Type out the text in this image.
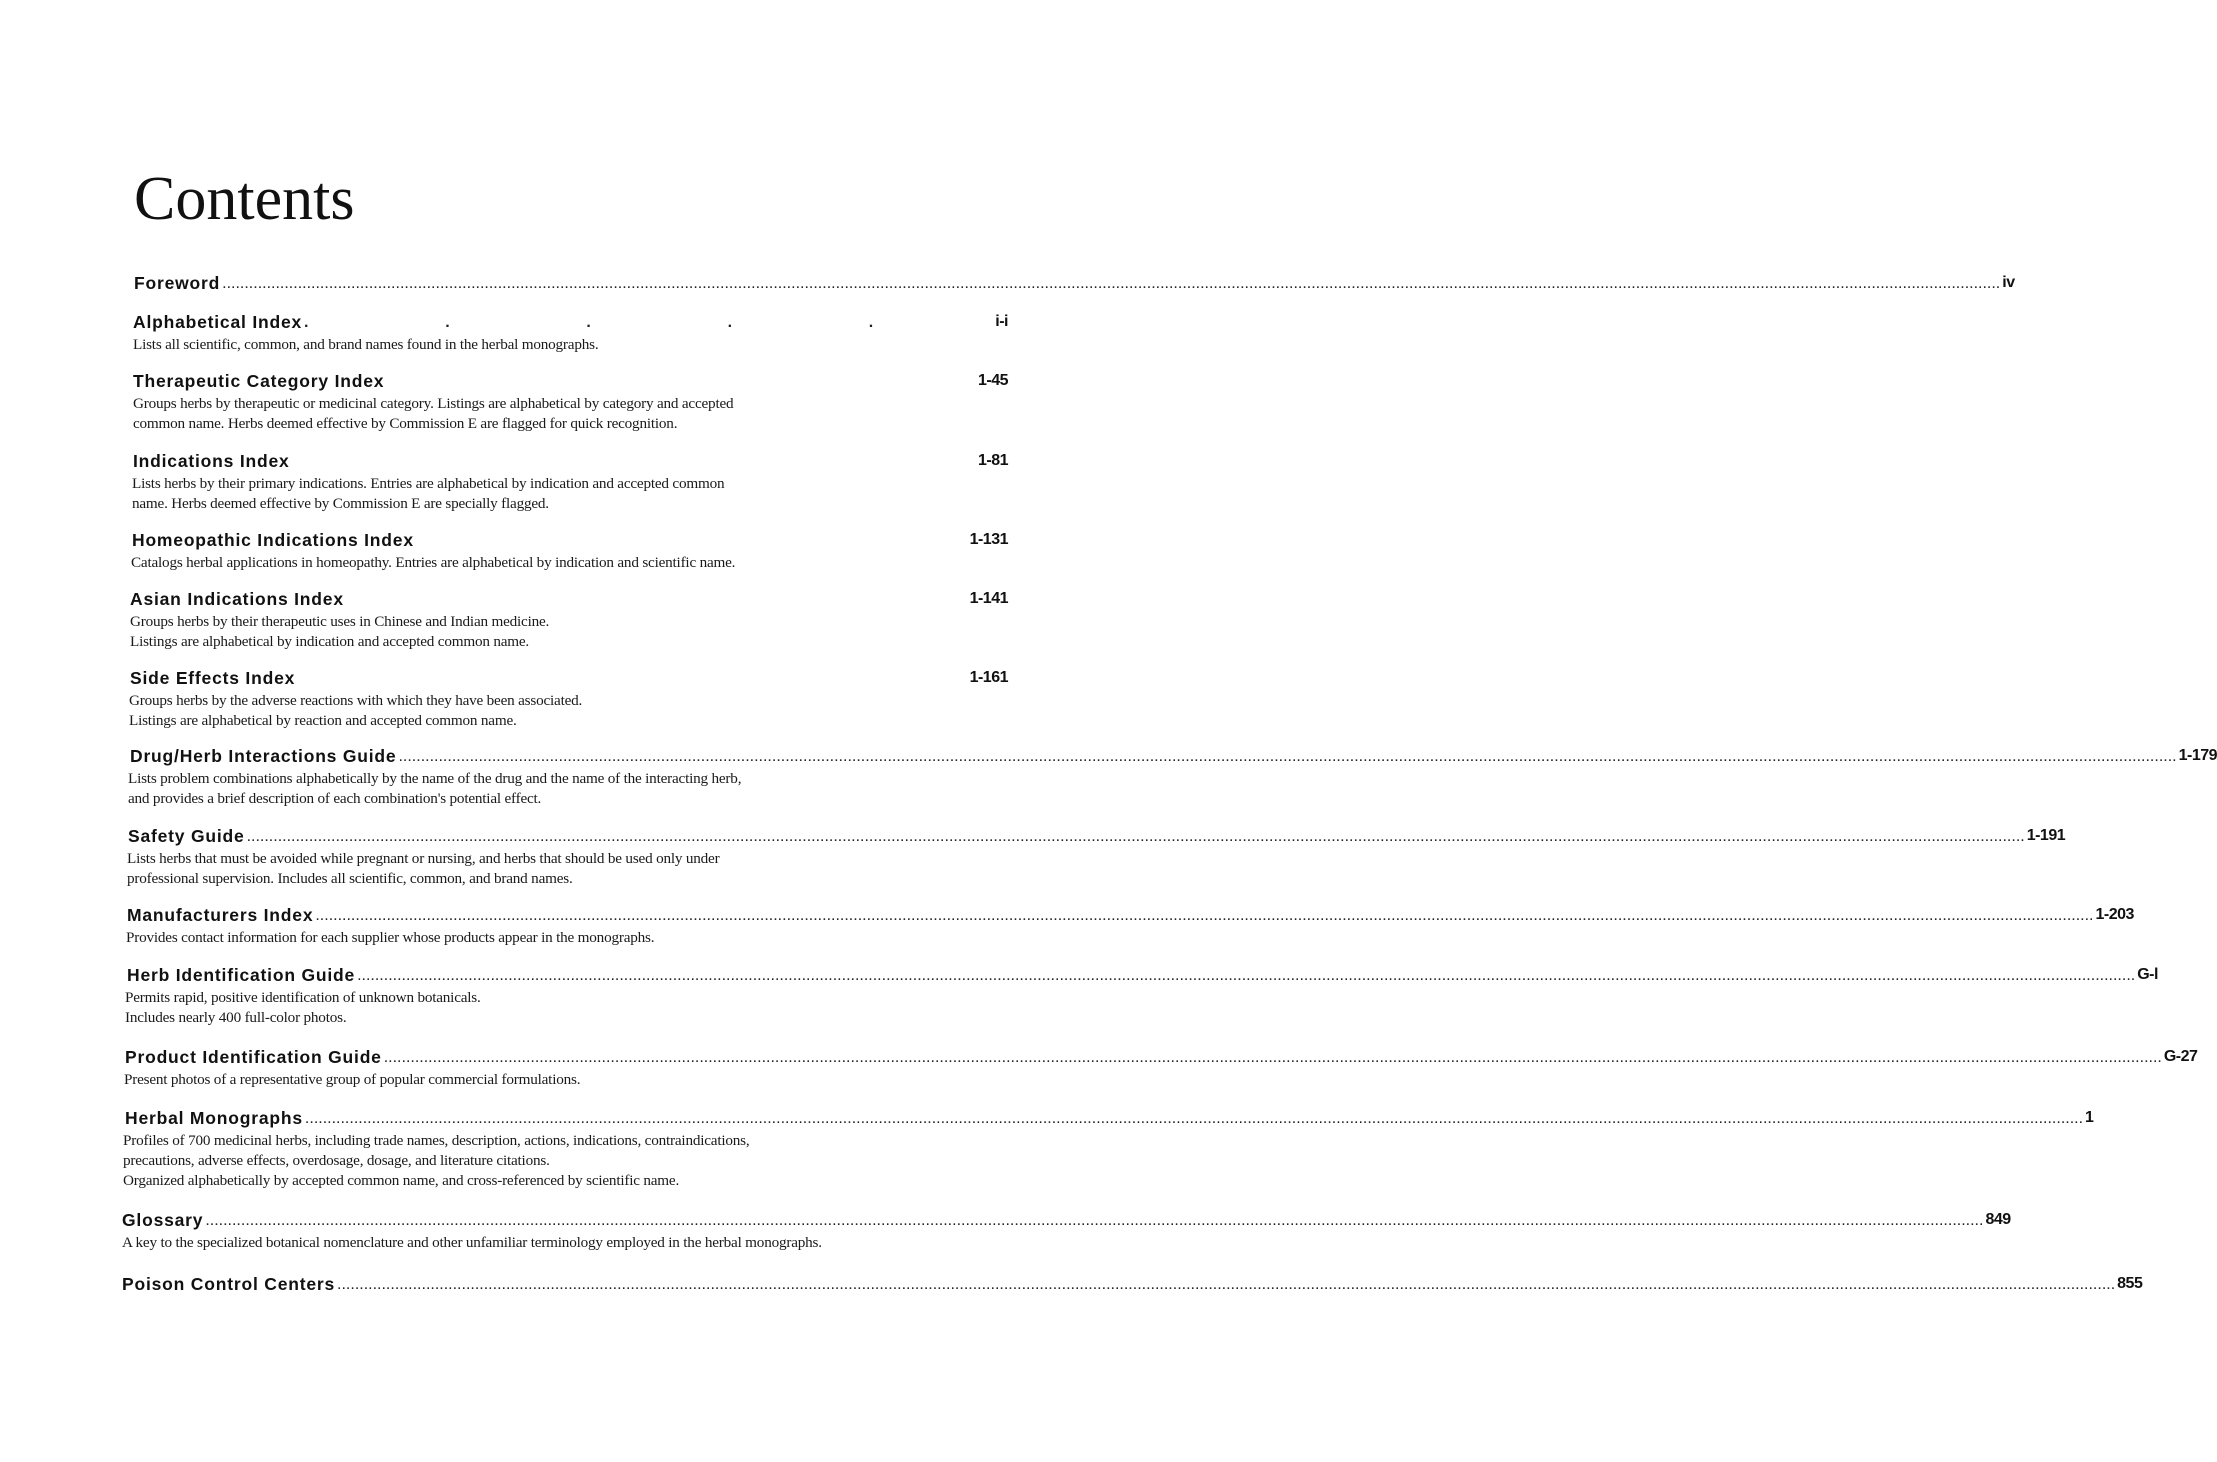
Contents
Foreword ................................................................................................................................................................................................................................................................................................................................................................................................................ iv
Alphabetical Index .	.	.	.	.	i-i
Lists all scientific, common, and brand names found in the herbal monographs.
Therapeutic Category Index	1-45
Groups herbs by therapeutic or medicinal category. Listings are alphabetical by category and accepted
common name. Herbs deemed effective by Commission E are flagged for quick recognition.
Indications Index	1-81
Lists herbs by their primary indications. Entries are alphabetical by indication and accepted common
name. Herbs deemed effective by Commission E are specially flagged.
Homeopathic Indications Index	1-131
Catalogs herbal applications in homeopathy. Entries are alphabetical by indication and scientific name.
Asian Indications Index	1-141
Groups herbs by their therapeutic uses in Chinese and Indian medicine.
Listings are alphabetical by indication and accepted common name.
Side Effects Index	1-161
Groups herbs by the adverse reactions with which they have been associated.
Listings are alphabetical by reaction and accepted common name.
Drug/Herb Interactions Guide ................................................................................................................................................................................................................................................................................................................................................................................................................ 1-179
Lists problem combinations alphabetically by the name of the drug and the name of the interacting herb,
and provides a brief description of each combination's potential effect.
Safety Guide ................................................................................................................................................................................................................................................................................................................................................................................................................ 1-191
Lists herbs that must be avoided while pregnant or nursing, and herbs that should be used only under
professional supervision. Includes all scientific, common, and brand names.
Manufacturers Index ................................................................................................................................................................................................................................................................................................................................................................................................................ 1-203
Provides contact information for each supplier whose products appear in the monographs.
Herb Identification Guide ................................................................................................................................................................................................................................................................................................................................................................................................................ G-l
Permits rapid, positive identification of unknown botanicals.
Includes nearly 400 full-color photos.
Product Identification Guide ................................................................................................................................................................................................................................................................................................................................................................................................................ G-27
Present photos of a representative group of popular commercial formulations.
Herbal Monographs ................................................................................................................................................................................................................................................................................................................................................................................................................ 1
Profiles of 700 medicinal herbs, including trade names, description, actions, indications, contraindications,
precautions, adverse effects, overdosage, dosage, and literature citations.
Organized alphabetically by accepted common name, and cross-referenced by scientific name.
Glossary ................................................................................................................................................................................................................................................................................................................................................................................................................ 849
A key to the specialized botanical nomenclature and other unfamiliar terminology employed in the herbal monographs.
Poison Control Centers ................................................................................................................................................................................................................................................................................................................................................................................................................ 855
